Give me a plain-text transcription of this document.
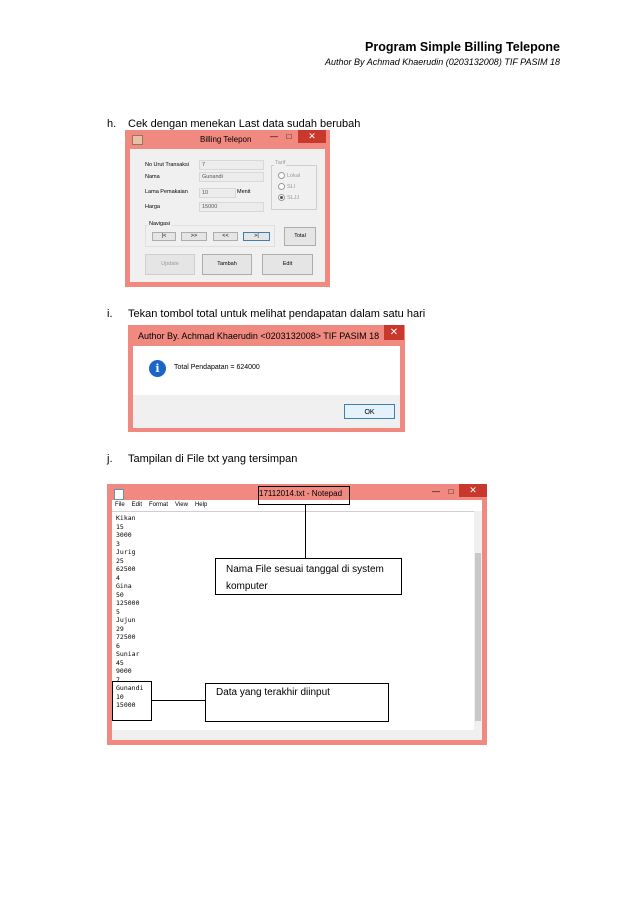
Program Simple Billing Telepone
Author By Achmad Khaerudin (0203132008) TIF PASIM 18
h. Cek dengan menekan Last data sudah berubah
Billing Telepon	—	□	✕
No Urut Transaksi	7
Nama	Gunandi
Lama Pemakaian	10	Menit
Harga	15000
Tarif
Lokal
SLI
SLJJ
Navigasi
|<	>>	<<	>|	Total
Update	Tambah	Edit
i. Tekan tombol total untuk melihat pendapatan dalam satu hari
Author By. Achmad Khaerudin <0203132008> TIF PASIM 18	✕
i	Total Pendapatan = 624000
OK
j. Tampilan di File txt yang tersimpan
17112014.txt - Notepad	—	□	✕
File Edit Format View Help
Kikan
15
3000
3
Jurig
25
62500
4
Gina
50
125000
5
Jujun
29
72500
6
Suniar
45
9000
7
Gunandi
10
15000
Nama File sesuai tanggal di system komputer
Data yang terakhir diinput
